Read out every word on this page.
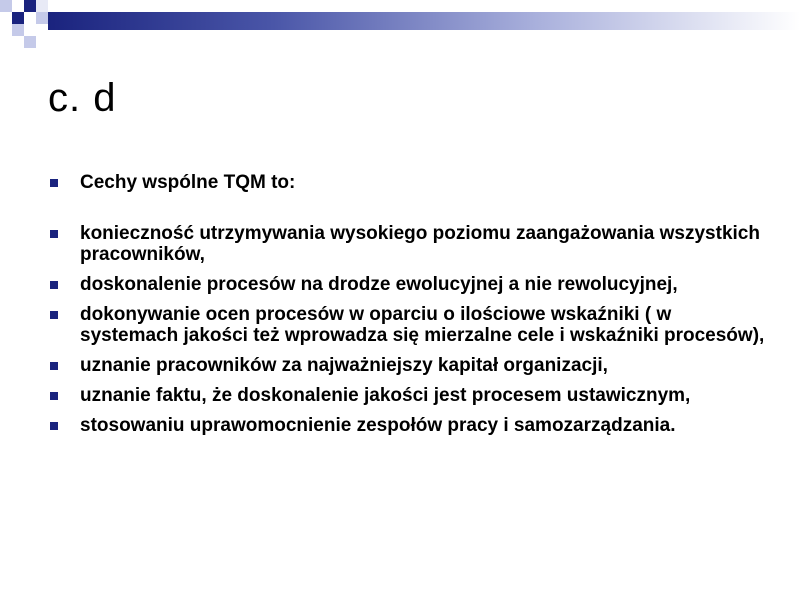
c. d
Cechy wspólne TQM to:
konieczność utrzymywania wysokiego poziomu zaangażowania wszystkich pracowników,
doskonalenie procesów na drodze ewolucyjnej a nie rewolucyjnej,
dokonywanie ocen procesów w oparciu o ilościowe wskaźniki ( w systemach jakości też wprowadza się mierzalne cele i wskaźniki procesów),
uznanie pracowników za najważniejszy kapitał organizacji,
uznanie faktu, że doskonalenie jakości jest procesem ustawicznym,
stosowaniu uprawomocnienie zespołów pracy i samozarządzania.
